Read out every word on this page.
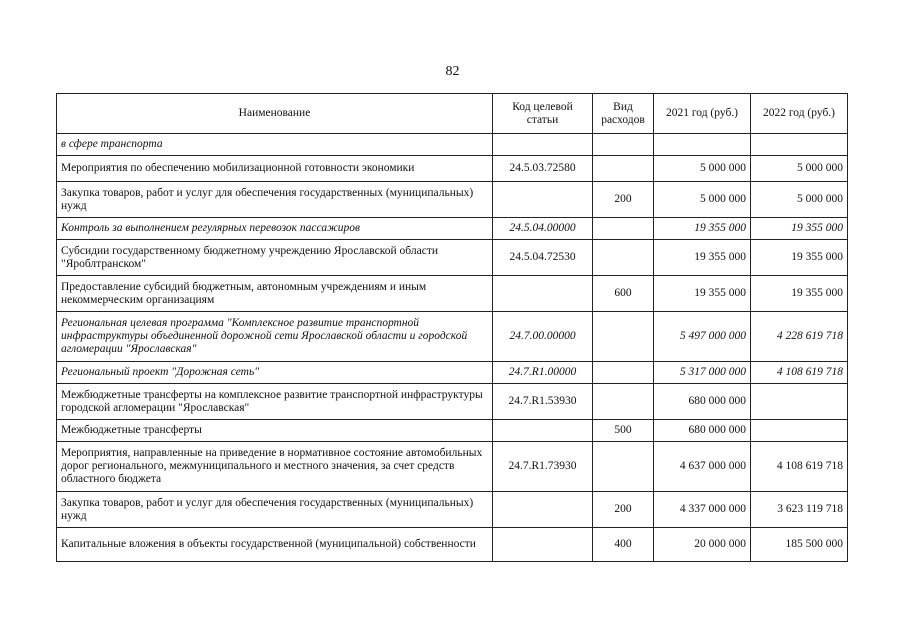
82
Наименование	Код целевой статьи	Вид расходов	2021 год (руб.)	2022 год (руб.)
в сфере транспорта				
Мероприятия по обеспечению мобилизационной готовности экономики	24.5.03.72580		5 000 000	5 000 000
Закупка товаров, работ и услуг для обеспечения государственных (муниципальных) нужд		200	5 000 000	5 000 000
Контроль за выполнением регулярных перевозок пассажиров	24.5.04.00000		19 355 000	19 355 000
Субсидии государственному бюджетному учреждению Ярославской области "Яроблтранском"	24.5.04.72530		19 355 000	19 355 000
Предоставление субсидий бюджетным, автономным учреждениям и иным некоммерческим организациям		600	19 355 000	19 355 000
Региональная целевая программа "Комплексное развитие транспортной инфраструктуры объединенной дорожной сети Ярославской области и городской агломерации "Ярославская"	24.7.00.00000		5 497 000 000	4 228 619 718
Региональный проект "Дорожная сеть"	24.7.R1.00000		5 317 000 000	4 108 619 718
Межбюджетные трансферты на комплексное развитие транспортной инфраструктуры городской агломерации "Ярославская"	24.7.R1.53930		680 000 000	
Межбюджетные трансферты		500	680 000 000	
Мероприятия, направленные на приведение в нормативное состояние автомобильных дорог регионального, межмуниципального и местного значения, за счет средств областного бюджета	24.7.R1.73930		4 637 000 000	4 108 619 718
Закупка товаров, работ и услуг для обеспечения государственных (муниципальных) нужд		200	4 337 000 000	3 623 119 718
Капитальные вложения в объекты государственной (муниципальной) собственности		400	20 000 000	185 500 000
